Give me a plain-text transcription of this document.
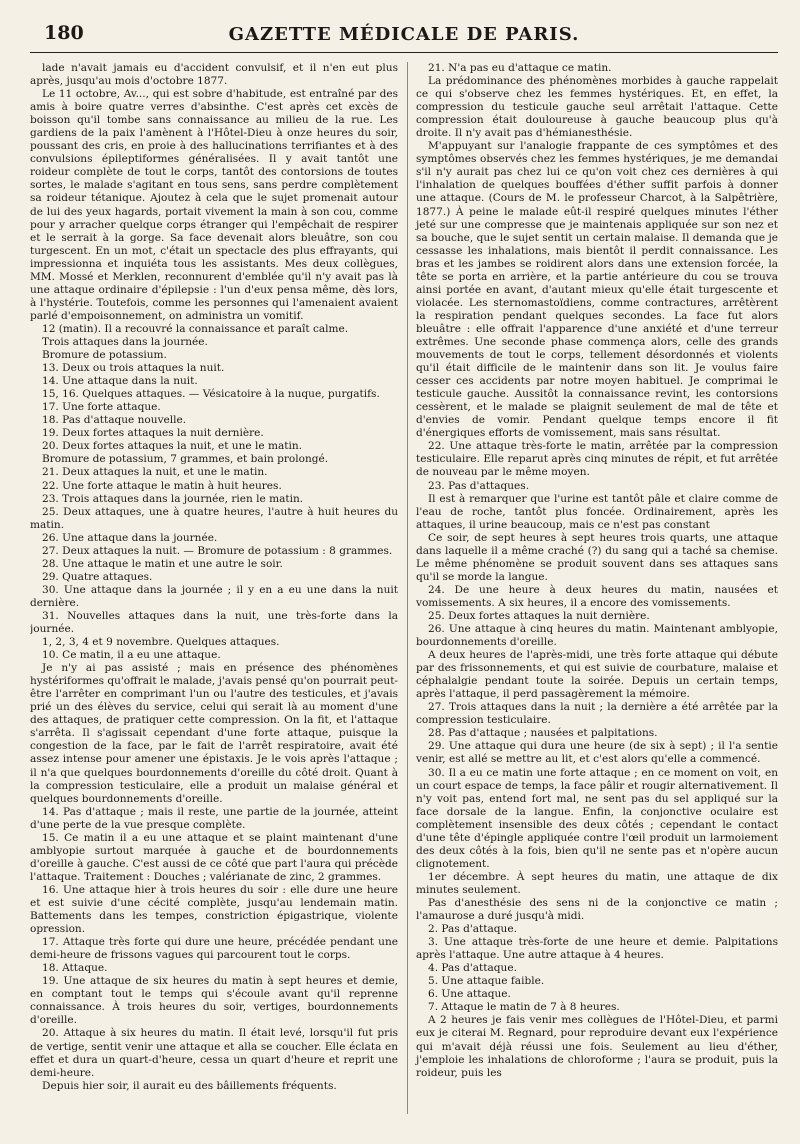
180	GAZETTE MÉDICALE DE PARIS.

lade n'avait jamais eu d'accident convulsif, et il n'en eut plus après, jusqu'au mois d'octobre 1877.

Le 11 octobre, Av..., qui est sobre d'habitude, est entraîné par des amis à boire quatre verres d'absinthe. C'est après cet excès de boisson qu'il tombe sans connaissance au milieu de la rue. Les gardiens de la paix l'amènent à l'Hôtel-Dieu à onze heures du soir, poussant des cris, en proie à des hallucinations terrifiantes et à des convulsions épileptiformes généralisées. Il y avait tantôt une roideur complète de tout le corps, tantôt des contorsions de toutes sortes, le malade s'agitant en tous sens, sans perdre complètement sa roideur tétanique. Ajoutez à cela que le sujet promenait autour de lui des yeux hagards, portait vivement la main à son cou, comme pour y arracher quelque corps étranger qui l'empêchait de respirer et le serrait à la gorge. Sa face devenait alors bleuâtre, son cou turgescent. En un mot, c'était un spectacle des plus effrayants, qui impressionna et inquiéta tous les assistants. Mes deux collègues, MM. Mossé et Merklen, reconnurent d'emblée qu'il n'y avait pas là une attaque ordinaire d'épilepsie : l'un d'eux pensa même, dès lors, à l'hystérie. Toutefois, comme les personnes qui l'amenaient avaient parlé d'empoisonnement, on administra un vomitif.

12 (matin). Il a recouvré la connaissance et paraît calme.

Trois attaques dans la journée.

Bromure de potassium.

13. Deux ou trois attaques la nuit.

14. Une attaque dans la nuit.

15, 16. Quelques attaques. — Vésicatoire à la nuque, purgatifs.

17. Une forte attaque.

18. Pas d'attaque nouvelle.

19. Deux fortes attaques la nuit dernière.

20. Deux fortes attaques la nuit, et une le matin.

Bromure de potassium, 7 grammes, et bain prolongé.

21. Deux attaques la nuit, et une le matin.

22. Une forte attaque le matin à huit heures.

23. Trois attaques dans la journée, rien le matin.

25. Deux attaques, une à quatre heures, l'autre à huit heures du matin.

26. Une attaque dans la journée.

27. Deux attaques la nuit. — Bromure de potassium : 8 grammes.

28. Une attaque le matin et une autre le soir.

29. Quatre attaques.

30. Une attaque dans la journée ; il y en a eu une dans la nuit dernière.

31. Nouvelles attaques dans la nuit, une très-forte dans la journée.

1, 2, 3, 4 et 9 novembre. Quelques attaques.

10. Ce matin, il a eu une attaque.

Je n'y ai pas assisté ; mais en présence des phénomènes hystériformes qu'offrait le malade, j'avais pensé qu'on pourrait peut-être l'arrêter en comprimant l'un ou l'autre des testicules, et j'avais prié un des élèves du service, celui qui serait là au moment d'une des attaques, de pratiquer cette compression. On la fit, et l'attaque s'arrêta. Il s'agissait cependant d'une forte attaque, puisque la congestion de la face, par le fait de l'arrêt respiratoire, avait été assez intense pour amener une épistaxis. Je le vois après l'attaque ; il n'a que quelques bourdonnements d'oreille du côté droit. Quant à la compression testiculaire, elle a produit un malaise général et quelques bourdonnements d'oreille.

14. Pas d'attaque ; mais il reste, une partie de la journée, atteint d'une perte de la vue presque complète.

15. Ce matin il a eu une attaque et se plaint maintenant d'une amblyopie surtout marquée à gauche et de bourdonnements d'oreille à gauche. C'est aussi de ce côté que part l'aura qui précède l'attaque. Traitement : Douches ; valérianate de zinc, 2 grammes.

16. Une attaque hier à trois heures du soir : elle dure une heure et est suivie d'une cécité complète, jusqu'au lendemain matin. Battements dans les tempes, constriction épigastrique, violente opression.

17. Attaque très forte qui dure une heure, précédée pendant une demi-heure de frissons vagues qui parcourent tout le corps.

18. Attaque.

19. Une attaque de six heures du matin à sept heures et demie, en comptant tout le temps qui s'écoule avant qu'il reprenne connaissance. À trois heures du soir, vertiges, bourdonnements d'oreille.

20. Attaque à six heures du matin. Il était levé, lorsqu'il fut pris de vertige, sentit venir une attaque et alla se coucher. Elle éclata en effet et dura un quart-d'heure, cessa un quart d'heure et reprit une demi-heure.

Depuis hier soir, il aurait eu des bâillements fréquents.

21. N'a pas eu d'attaque ce matin.

La prédominance des phénomènes morbides à gauche rappelait ce qui s'observe chez les femmes hystériques. Et, en effet, la compression du testicule gauche seul arrêtait l'attaque. Cette compression était douloureuse à gauche beaucoup plus qu'à droite. Il n'y avait pas d'hémianesthésie.

M'appuyant sur l'analogie frappante de ces symptômes et des symptômes observés chez les femmes hystériques, je me demandai s'il n'y aurait pas chez lui ce qu'on voit chez ces dernières à qui l'inhalation de quelques bouffées d'éther suffit parfois à donner une attaque. (Cours de M. le professeur Charcot, à la Salpêtrière, 1877.) À peine le malade eût-il respiré quelques minutes l'éther jeté sur une compresse que je maintenais appliquée sur son nez et sa bouche, que le sujet sentit un certain malaise. Il demanda que je cessasse les inhalations, mais bientôt il perdit connaissance. Les bras et les jambes se roidirent alors dans une extension forcée, la tête se porta en arrière, et la partie antérieure du cou se trouva ainsi portée en avant, d'autant mieux qu'elle était turgescente et violacée. Les sternomastoïdiens, comme contractures, arrêtèrent la respiration pendant quelques secondes. La face fut alors bleuâtre : elle offrait l'apparence d'une anxiété et d'une terreur extrêmes. Une seconde phase commença alors, celle des grands mouvements de tout le corps, tellement désordonnés et violents qu'il était difficile de le maintenir dans son lit. Je voulus faire cesser ces accidents par notre moyen habituel. Je comprimai le testicule gauche. Aussitôt la connaissance revint, les contorsions cessèrent, et le malade se plaignit seulement de mal de tête et d'envies de vomir. Pendant quelque temps encore il fit d'énergiques efforts de vomissement, mais sans résultat.

22. Une attaque très-forte le matin, arrêtée par la compression testiculaire. Elle reparut après cinq minutes de répit, et fut arrêtée de nouveau par le même moyen.

23. Pas d'attaques.

Il est à remarquer que l'urine est tantôt pâle et claire comme de l'eau de roche, tantôt plus foncée. Ordinairement, après les attaques, il urine beaucoup, mais ce n'est pas constant

Ce soir, de sept heures à sept heures trois quarts, une attaque dans laquelle il a même craché (?) du sang qui a taché sa chemise. Le même phénomène se produit souvent dans ses attaques sans qu'il se morde la langue.

24. De une heure à deux heures du matin, nausées et vomissements. A six heures, il a encore des vomissements.

25. Deux fortes attaques la nuit dernière.

26. Une attaque à cinq heures du matin. Maintenant amblyopie, bourdonnements d'oreille.

A deux heures de l'après-midi, une très forte attaque qui débute par des frissonnements, et qui est suivie de courbature, malaise et céphalalgie pendant toute la soirée. Depuis un certain temps, après l'attaque, il perd passagèrement la mémoire.

27. Trois attaques dans la nuit ; la dernière a été arrêtée par la compression testiculaire.

28. Pas d'attaque ; nausées et palpitations.

29. Une attaque qui dura une heure (de six à sept) ; il l'a sentie venir, est allé se mettre au lit, et c'est alors qu'elle a commencé.

30. Il a eu ce matin une forte attaque ; en ce moment on voit, en un court espace de temps, la face pâlir et rougir alternativement. Il n'y voit pas, entend fort mal, ne sent pas du sel appliqué sur la face dorsale de la langue. Enfin, la conjonctive oculaire est complètement insensible des deux côtés ; cependant le contact d'une tête d'épingle appliquée contre l'œil produit un larmoiement des deux côtés à la fois, bien qu'il ne sente pas et n'opère aucun clignotement.

1er décembre. À sept heures du matin, une attaque de dix minutes seulement.

Pas d'anesthésie des sens ni de la conjonctive ce matin ; l'amaurose a duré jusqu'à midi.

2. Pas d'attaque.

3. Une attaque très-forte de une heure et demie. Palpitations après l'attaque. Une autre attaque à 4 heures.

4. Pas d'attaque.

5. Une attaque faible.

6. Une attaque.

7. Attaque le matin de 7 à 8 heures.

A 2 heures je fais venir mes collègues de l'Hôtel-Dieu, et parmi eux je citerai M. Regnard, pour reproduire devant eux l'expérience qui m'avait déjà réussi une fois. Seulement au lieu d'éther, j'emploie les inhalations de chloroforme ; l'aura se produit, puis la roideur, puis les
